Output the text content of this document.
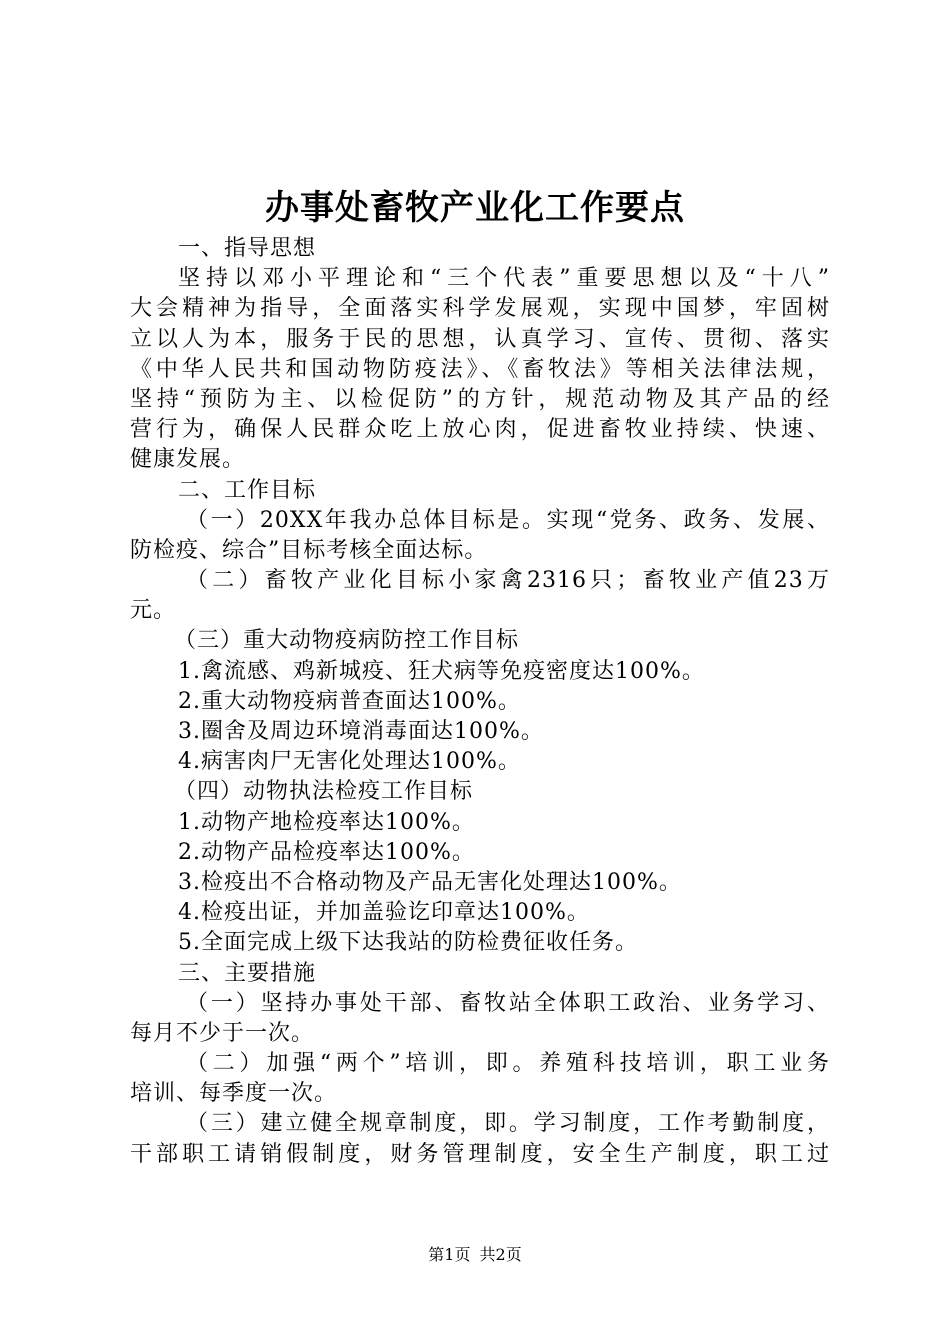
办事处畜牧产业化工作要点
一、指导思想
坚持以邓小平理论和“三个代表”重要思想以及“十八”
大会精神为指导，全面落实科学发展观，实现中国梦，牢固树
立以人为本，服务于民的思想，认真学习、宣传、贯彻、落实
《中华人民共和国动物防疫法》、《畜牧法》等相关法律法规，
坚持“预防为主、以检促防”的方针，规范动物及其产品的经
营行为，确保人民群众吃上放心肉，促进畜牧业持续、快速、
健康发展。
二、工作目标
（一）20XX年我办总体目标是。实现“党务、政务、发展、
防检疫、综合”目标考核全面达标。
（二）畜牧产业化目标小家禽2316只；畜牧业产值23万
元。
（三）重大动物疫病防控工作目标
1.禽流感、鸡新城疫、狂犬病等免疫密度达100%。
2.重大动物疫病普查面达100%。
3.圈舍及周边环境消毒面达100%。
4.病害肉尸无害化处理达100%。
（四）动物执法检疫工作目标
1.动物产地检疫率达100%。
2.动物产品检疫率达100%。
3.检疫出不合格动物及产品无害化处理达100%。
4.检疫出证，并加盖验讫印章达100%。
5.全面完成上级下达我站的防检费征收任务。
三、主要措施
（一）坚持办事处干部、畜牧站全体职工政治、业务学习、
每月不少于一次。
（二）加强“两个”培训，即。养殖科技培训，职工业务
培训、每季度一次。
（三）建立健全规章制度，即。学习制度，工作考勤制度，
干部职工请销假制度，财务管理制度，安全生产制度，职工过
第1页 共2页
